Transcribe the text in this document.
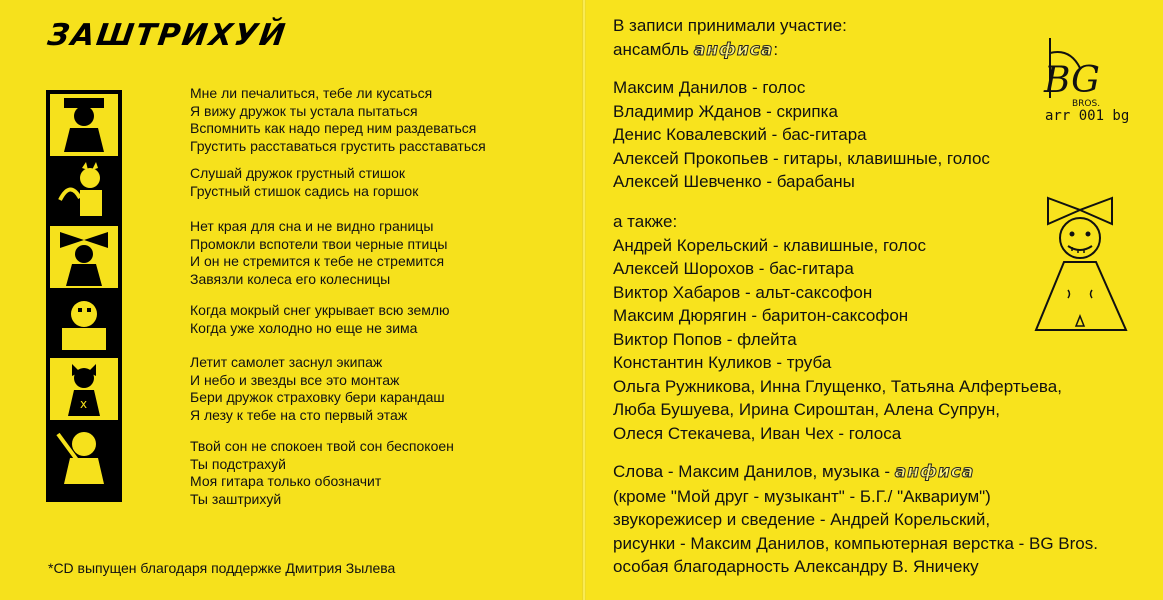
ЗАШТРИХУЙ
x
Мне ли печалиться, тебе ли кусаться
Я вижу дружок ты устала пытаться
Вспомнить как надо перед ним раздеваться
Грустить расставаться грустить расставаться
Слушай дружок грустный стишок
Грустный стишок садись на горшок
Нет края для сна и не видно границы
Промокли вспотели твои черные птицы
И он не стремится к тебе не стремится
Завязли колеса его колесницы
Когда мокрый снег укрывает всю землю
Когда уже холодно но еще не зима
Летит самолет заснул экипаж
И небо и звезды все это монтаж
Бери дружок страховку бери карандаш
Я лезу к тебе на сто первый этаж
Твой сон не спокоен твой сон беспокоен
Ты подстрахуй
Моя гитара только обозначит
Ты заштрихуй
*CD выпущен благодаря поддержке Дмитрия Зылева
В записи принимали участие:
ансамбль анфиса:
Максим Данилов - голос
Владимир Жданов - скрипка
Денис Ковалевский - бас-гитара
Алексей Прокопьев - гитары, клавишные, голос
Алексей Шевченко - барабаны
а также:
Андрей Корельский - клавишные, голос
Алексей Шорохов - бас-гитара
Виктор Хабаров - альт-саксофон
Максим Дюрягин - баритон-саксофон
Виктор Попов - флейта
Константин Куликов - труба
Ольга Ружникова, Инна Глущенко, Татьяна Алфертьева,
Люба Бушуева, Ирина Сироштан, Алена Супрун,
Олеся Стекачева, Иван Чех - голоса
Слова - Максим Данилов, музыка - анфиса
(кроме "Мой друг - музыкант" - Б.Г./ "Аквариум")
звукорежисер и сведение - Андрей Корельский,
рисунки - Максим Данилов, компьютерная верстка - BG Bros.
особая благодарность Александру В. Яничеку
BG
BROS.
arr 001 bg
